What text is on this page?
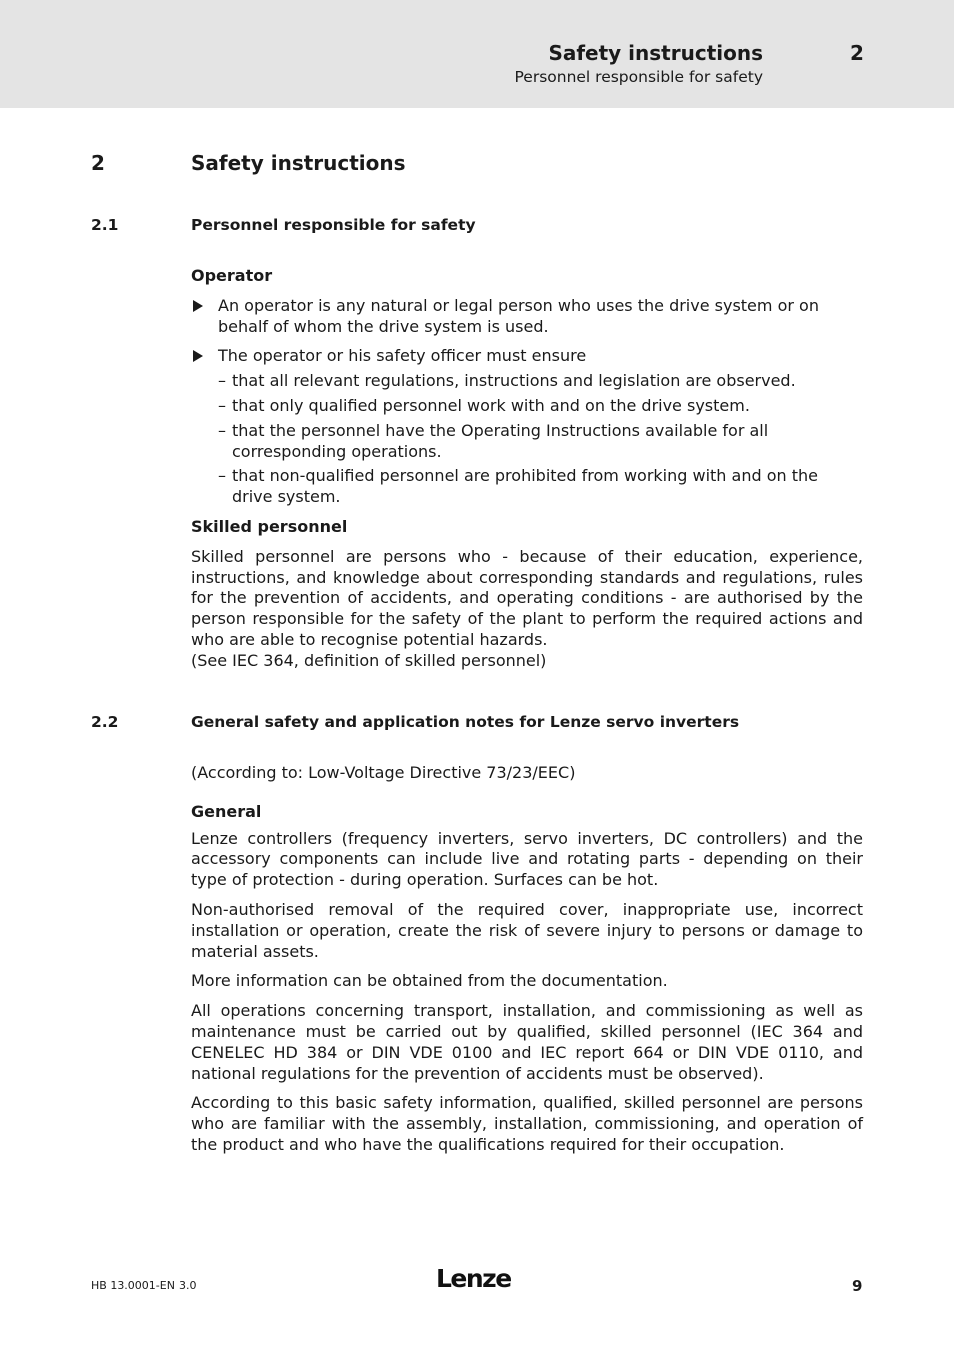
Safety instructions
Personnel responsible for safety
2
2	Safety instructions
2.1	Personnel responsible for safety

Operator

An operator is any natural or legal person who uses the drive system or on behalf of whom the drive system is used.

The operator or his safety officer must ensure

– that all relevant regulations, instructions and legislation are observed.

– that only qualified personnel work with and on the drive system.

– that the personnel have the Operating Instructions available for all corresponding operations.

– that non-qualified personnel are prohibited from working with and on the drive system.

Skilled personnel

Skilled personnel are persons who - because of their education, experience, instructions, and knowledge about corresponding standards and regulations, rules for the prevention of accidents, and operating conditions - are authorised by the person responsible for the safety of the plant to perform the required actions and who are able to recognise potential hazards.

(See IEC 364, definition of skilled personnel)

2.2	General safety and application notes for Lenze servo inverters

(According to: Low-Voltage Directive 73/23/EEC)

General

Lenze controllers (frequency inverters, servo inverters, DC controllers) and the accessory components can include live and rotating parts - depending on their type of protection - during operation. Surfaces can be hot.

Non-authorised removal of the required cover, inappropriate use, incorrect installation or operation, create the risk of severe injury to persons or damage to material assets.

More information can be obtained from the documentation.

All operations concerning transport, installation, and commissioning as well as maintenance must be carried out by qualified, skilled personnel (IEC 364 and CENELEC HD 384 or DIN VDE 0100 and IEC report 664 or DIN VDE 0110, and national regulations for the prevention of accidents must be observed).

According to this basic safety information, qualified, skilled personnel are persons who are familiar with the assembly, installation, commissioning, and operation of the product and who have the qualifications required for their occupation.

HB 13.0001-EN 3.0	Lenze	9
